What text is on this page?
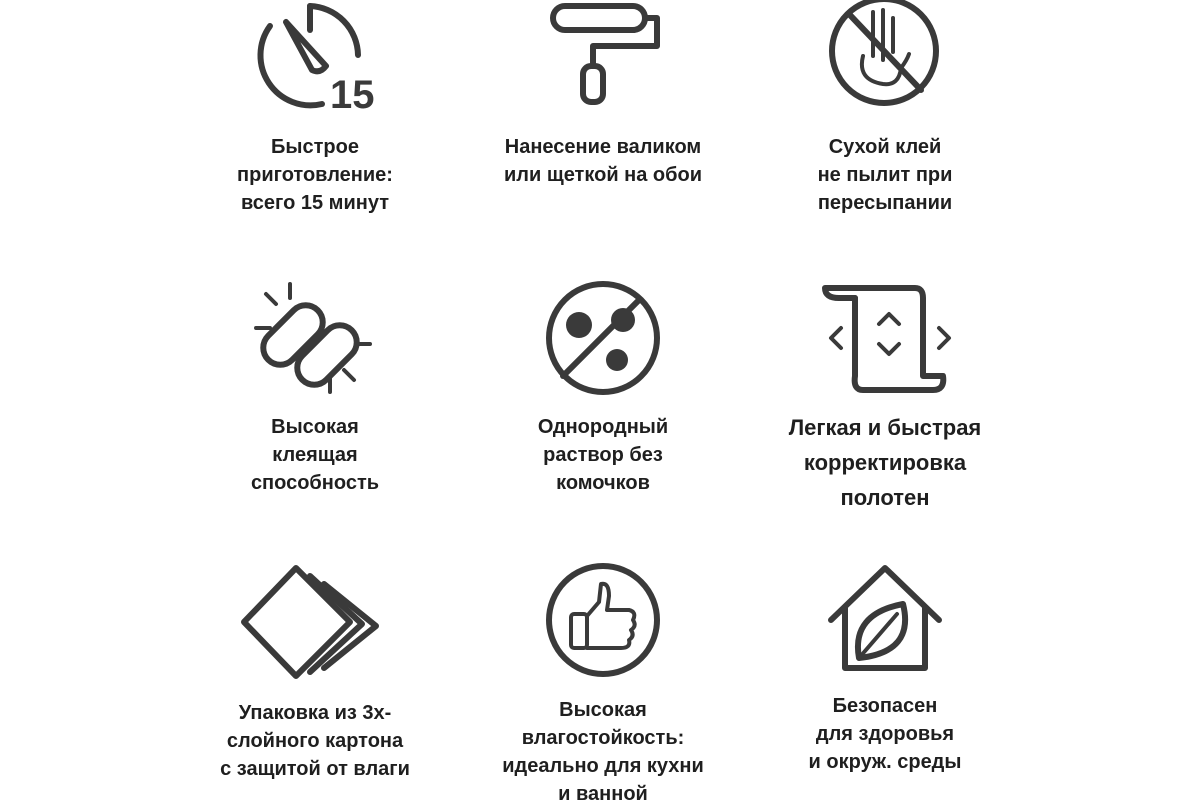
15
Быстрое
приготовление:
всего 15 минут
Нанесение валиком
или щеткой на обои
Сухой клей
не пылит при
пересыпании
Высокая
клеящая
способность
Однородный
раствор без
комочков
Легкая и быстрая
корректировка
полотен
Упаковка из 3х-
слойного картона
с защитой от влаги
Высокая
влагостойкость:
идеально для кухни
и ванной
Безопасен
для здоровья
и окруж. среды
